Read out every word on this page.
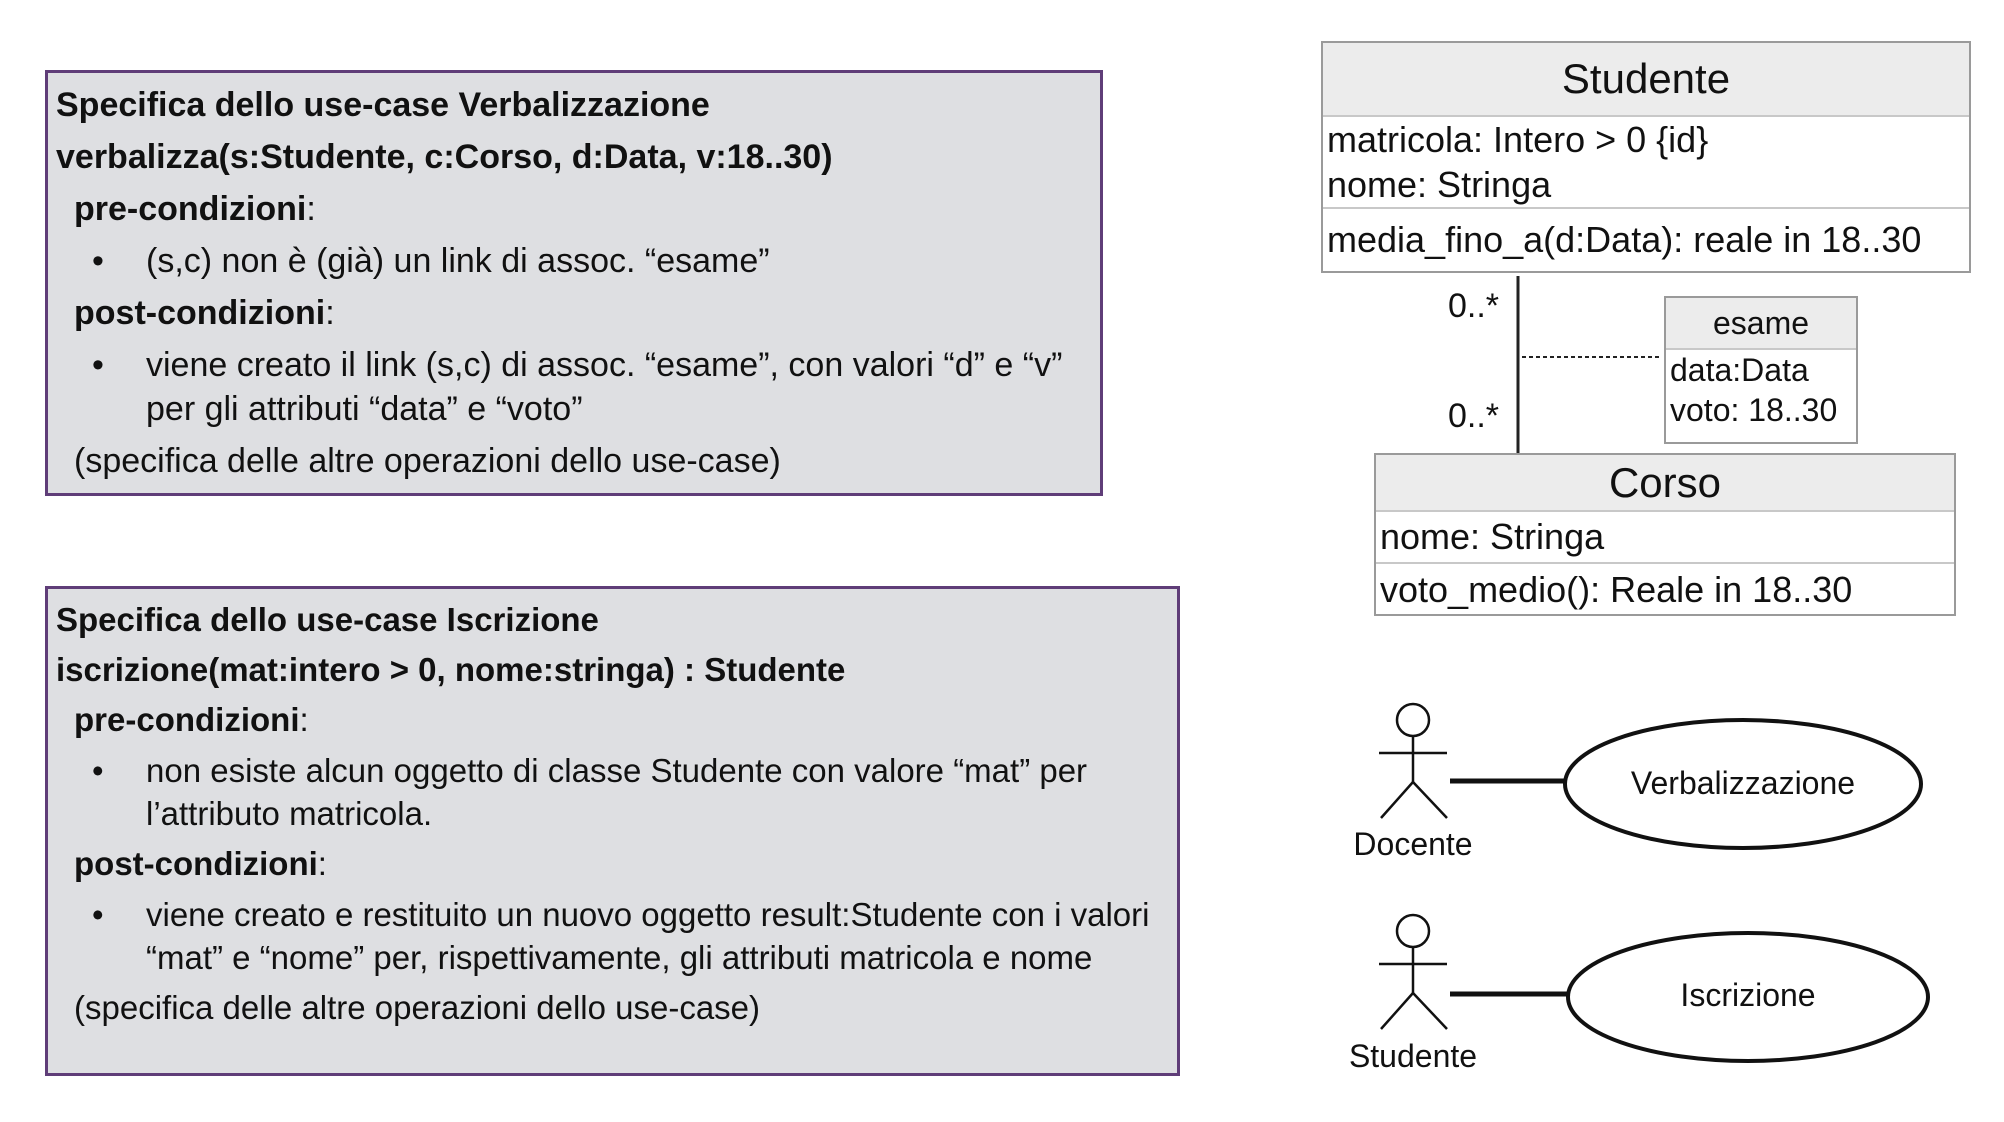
Specifica dello use-case Verbalizzazione
verbalizza(s:Studente, c:Corso, d:Data, v:18..30)
pre-condizioni:
• (s,c) non è (già) un link di assoc. “esame”
post-condizioni:
• viene creato il link (s,c) di assoc. “esame”, con valori “d” e “v” per gli attributi “data” e “voto”
(specifica delle altre operazioni dello use-case)
Specifica dello use-case Iscrizione
iscrizione(mat:intero > 0, nome:stringa) : Studente
pre-condizioni:
• non esiste alcun oggetto di classe Studente con valore “mat” per l’attributo matricola.
post-condizioni:
• viene creato e restituito un nuovo oggetto result:Studente con i valori “mat” e “nome” per, rispettivamente, gli attributi matricola e nome
(specifica delle altre operazioni dello use-case)
Studente
matricola: Intero > 0 {id}
nome: Stringa
media_fino_a(d:Data): reale in 18..30
0..*
0..*
esame
data:Data
voto: 18..30
Corso
nome: Stringa
voto_medio(): Reale in 18..30
Verbalizzazione
Docente
Iscrizione
Studente
